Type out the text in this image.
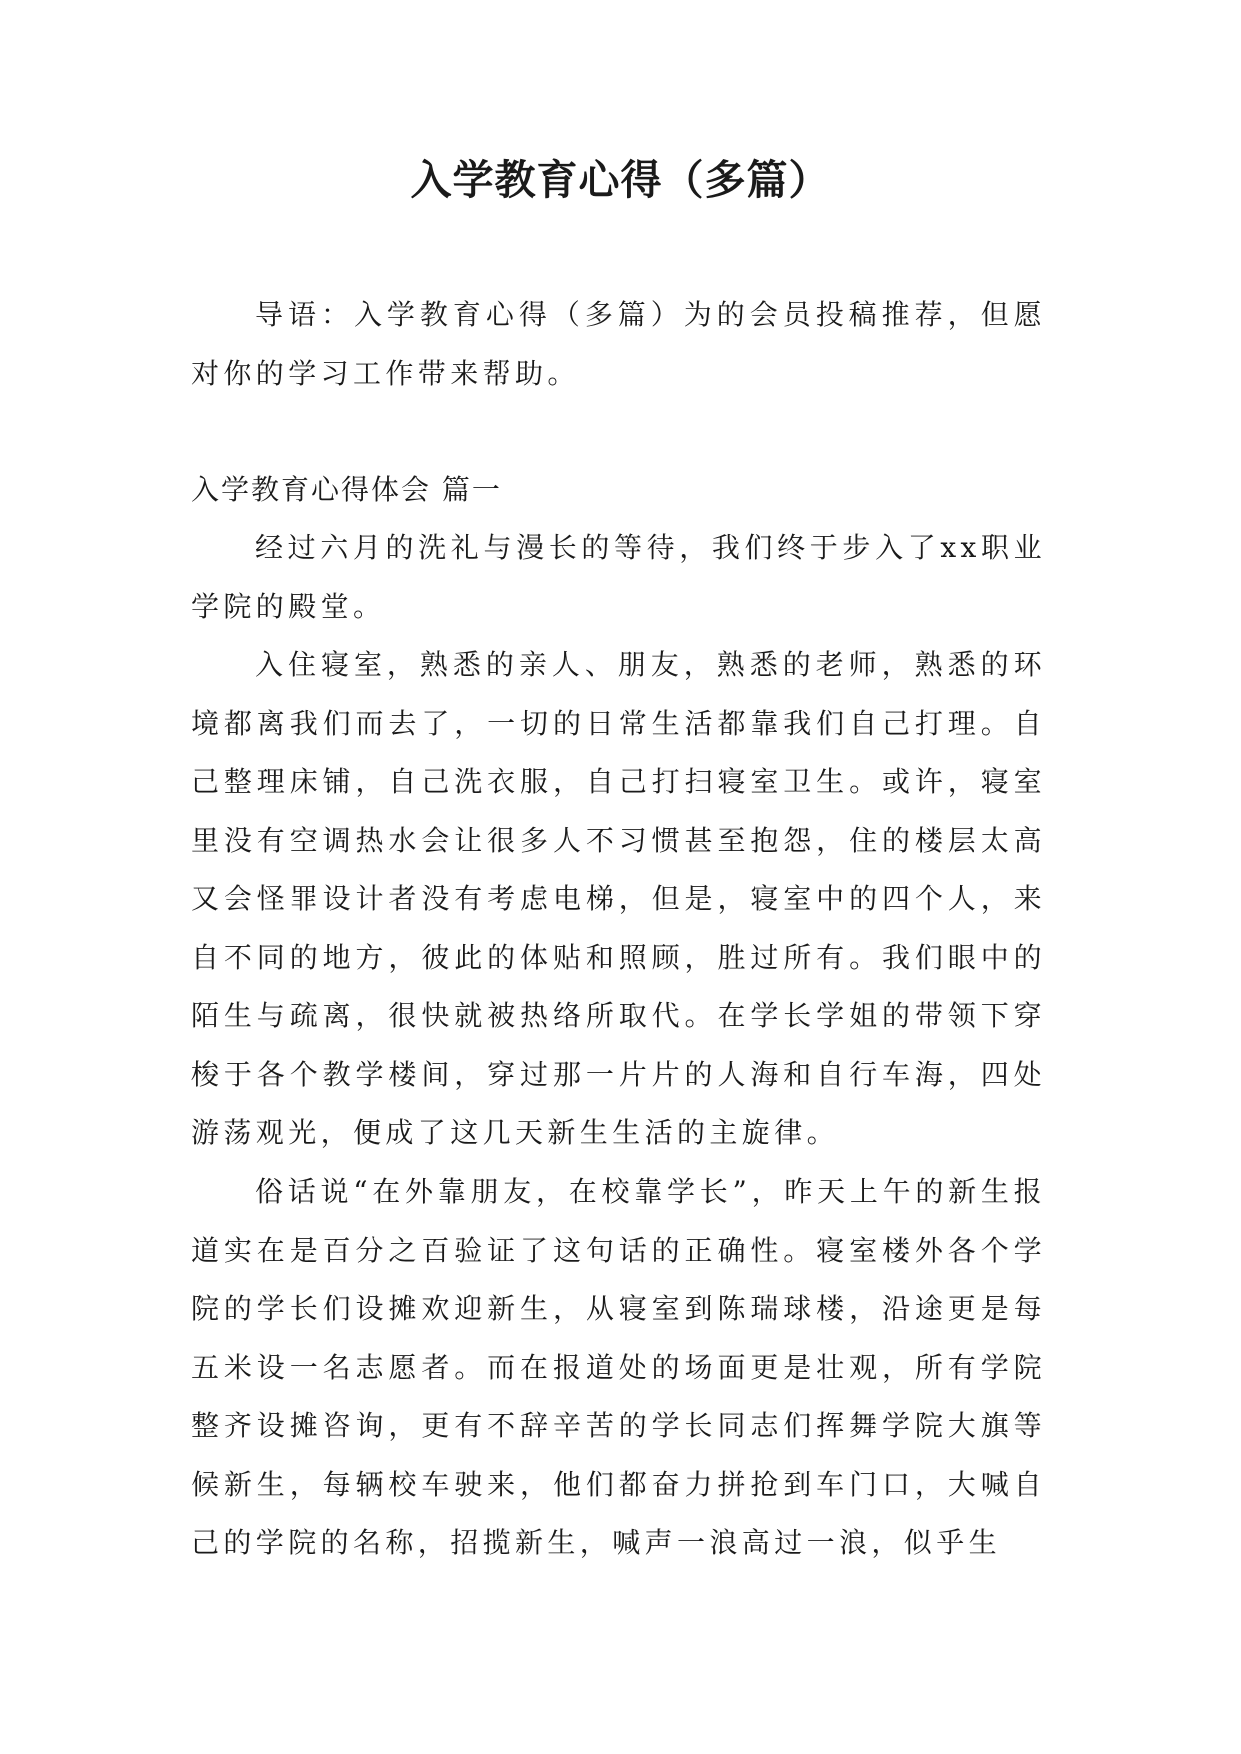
入学教育心得（多篇）

导语：入学教育心得（多篇）为的会员投稿推荐，但愿对你的学习工作带来帮助。

入学教育心得体会 篇一

经过六月的洗礼与漫长的等待，我们终于步入了xx职业学院的殿堂。

入住寝室，熟悉的亲人、朋友，熟悉的老师，熟悉的环境都离我们而去了，一切的日常生活都靠我们自己打理。自己整理床铺，自己洗衣服，自己打扫寝室卫生。或许，寝室里没有空调热水会让很多人不习惯甚至抱怨，住的楼层太高又会怪罪设计者没有考虑电梯，但是，寝室中的四个人，来自不同的地方，彼此的体贴和照顾，胜过所有。我们眼中的陌生与疏离，很快就被热络所取代。在学长学姐的带领下穿梭于各个教学楼间，穿过那一片片的人海和自行车海，四处游荡观光，便成了这几天新生生活的主旋律。

俗话说“在外靠朋友，在校靠学长”，昨天上午的新生报道实在是百分之百验证了这句话的正确性。寝室楼外各个学院的学长们设摊欢迎新生，从寝室到陈瑞球楼，沿途更是每五米设一名志愿者。而在报道处的场面更是壮观，所有学院整齐设摊咨询，更有不辞辛苦的学长同志们挥舞学院大旗等候新生，每辆校车驶来，他们都奋力拼抢到车门口，大喊自己的学院的名称，招揽新生，喊声一浪高过一浪，似乎生
